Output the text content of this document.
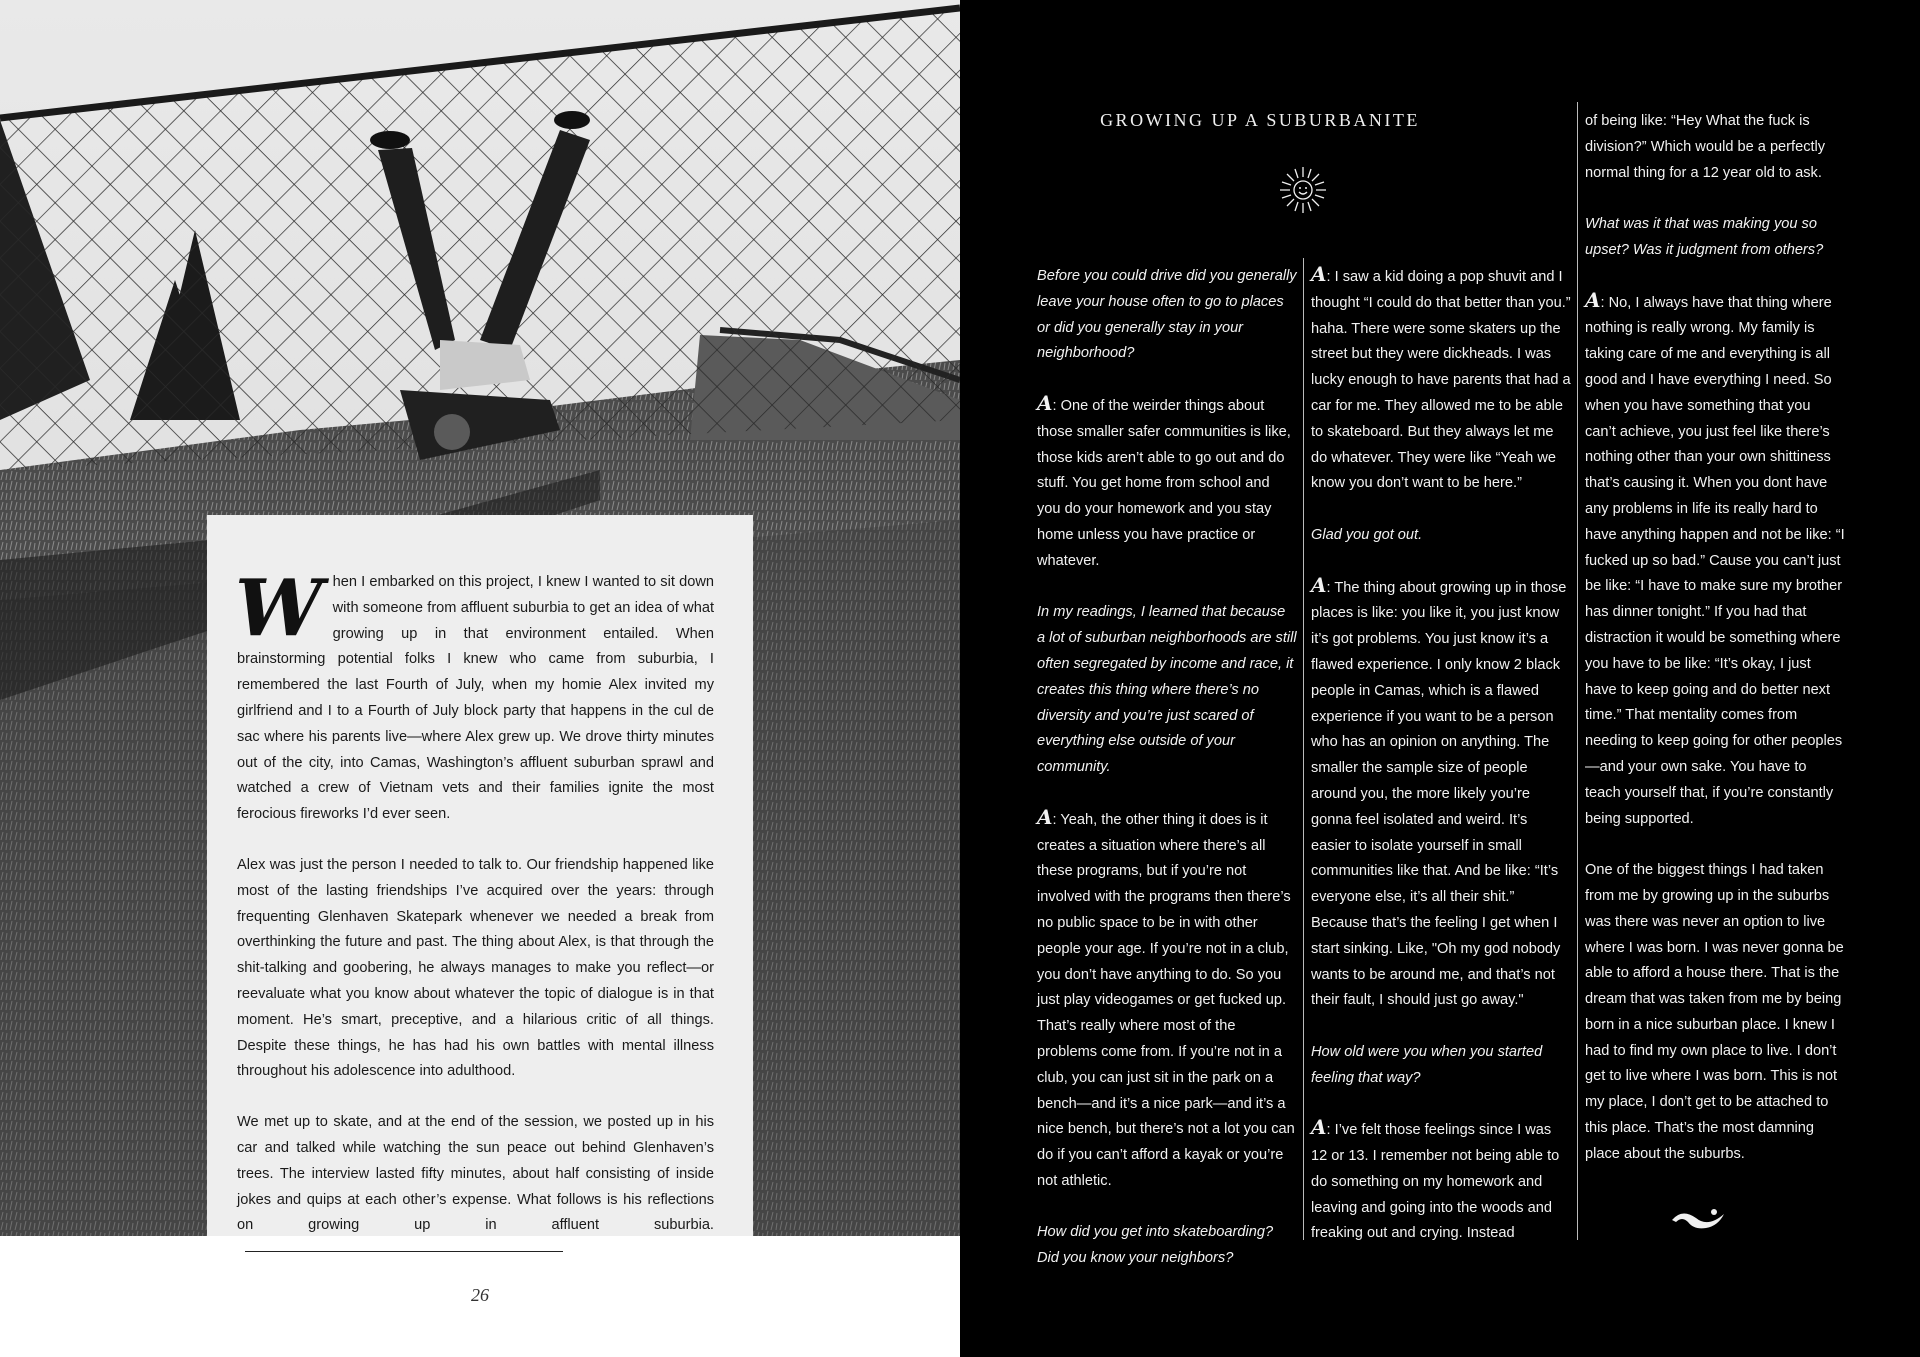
When I embarked on this project, I knew I wanted to sit down with someone from affluent suburbia to get an idea of what growing up in that environment entailed. When brainstorming potential folks I knew who came from suburbia, I remembered the last Fourth of July, when my homie Alex invited my girlfriend and I to a Fourth of July block party that happens in the cul de sac where his parents live—where Alex grew up. We drove thirty minutes out of the city, into Camas, Washington’s affluent suburban sprawl and watched a crew of Vietnam vets and their families ignite the most ferocious fireworks I’d ever seen.

Alex was just the person I needed to talk to. Our friendship happened like most of the lasting friendships I’ve acquired over the years: through frequenting Glenhaven Skatepark whenever we needed a break from overthinking the future and past. The thing about Alex, is that through the shit-talking and goobering, he always manages to make you reflect—or reevaluate what you know about whatever the topic of dialogue is in that moment. He’s smart, preceptive, and a hilarious critic of all things. Despite these things, he has had his own battles with mental illness throughout his adolescence into adulthood.

We met up to skate, and at the end of the session, we posted up in his car and talked while watching the sun peace out behind Glenhaven’s trees. The interview lasted fifty minutes, about half consisting of inside jokes and quips at each other’s expense. What follows is his reflections on growing up in affluent suburbia.

26
GROWING UP A SUBURBANITE

Before you could drive did you generally leave your house often to go to places or did you generally stay in your neighborhood?

A: One of the weirder things about those smaller safer communities is like, those kids aren’t able to go out and do stuff. You get home from school and you do your homework and you stay home unless you have practice or whatever.

In my readings, I learned that because a lot of suburban neighborhoods are still often segregated by income and race, it creates this thing where there’s no diversity and you’re just scared of everything else outside of your community.

A: Yeah, the other thing it does is it creates a situation where there’s all these programs, but if you’re not involved with the programs then there’s no public space to be in with other people your age. If you’re not in a club, you don’t have anything to do. So you just play videogames or get fucked up. That’s really where most of the problems come from. If you’re not in a club, you can just sit in the park on a bench—and it’s a nice park—and it’s a nice bench, but there’s not a lot you can do if you can’t afford a kayak or you’re not athletic.

How did you get into skateboarding? Did you know your neighbors?

A: I saw a kid doing a pop shuvit and I thought “I could do that better than you.” haha. There were some skaters up the street but they were dickheads. I was lucky enough to have parents that had a car for me. They allowed me to be able to skateboard. But they always let me do whatever. They were like “Yeah we know you don’t want to be here.”

Glad you got out.

A: The thing about growing up in those places is like: you like it, you just know it’s got problems. You just know it’s a flawed experience. I only know 2 black people in Camas, which is a flawed experience if you want to be a person who has an opinion on anything. The smaller the sample size of people around you, the more likely you’re gonna feel isolated and weird. It’s easier to isolate yourself in small communities like that. And be like: “It’s everyone else, it’s all their shit.” Because that’s the feeling I get when I start sinking. Like, "Oh my god nobody wants to be around me, and that’s not their fault, I should just go away."

How old were you when you started feeling that way?

A: I’ve felt those feelings since I was 12 or 13. I remember not being able to do something on my homework and leaving and going into the woods and freaking out and crying. Instead

of being like: “Hey What the fuck is division?” Which would be a perfectly normal thing for a 12 year old to ask.

What was it that was making you so upset? Was it judgment from others?

A: No, I always have that thing where nothing is really wrong. My family is taking care of me and everything is all good and I have everything I need. So when you have something that you can’t achieve, you just feel like there’s nothing other than your own shittiness that’s causing it. When you dont have any problems in life its really hard to have anything happen and not be like: “I fucked up so bad.” Cause you can’t just be like: “I have to make sure my brother has dinner tonight.” If you had that distraction it would be something where you have to be like: “It’s okay, I just have to keep going and do better next time.” That mentality comes from needing to keep going for other peoples—and your own sake. You have to teach yourself that, if you’re constantly being supported.

One of the biggest things I had taken from me by growing up in the suburbs was there was never an option to live where I was born. I was never gonna be able to afford a house there. That is the dream that was taken from me by being born in a nice suburban place. I knew I had to find my own place to live. I don’t get to live where I was born. This is not my place, I don’t get to be attached to this place. That’s the most damning place about the suburbs.
